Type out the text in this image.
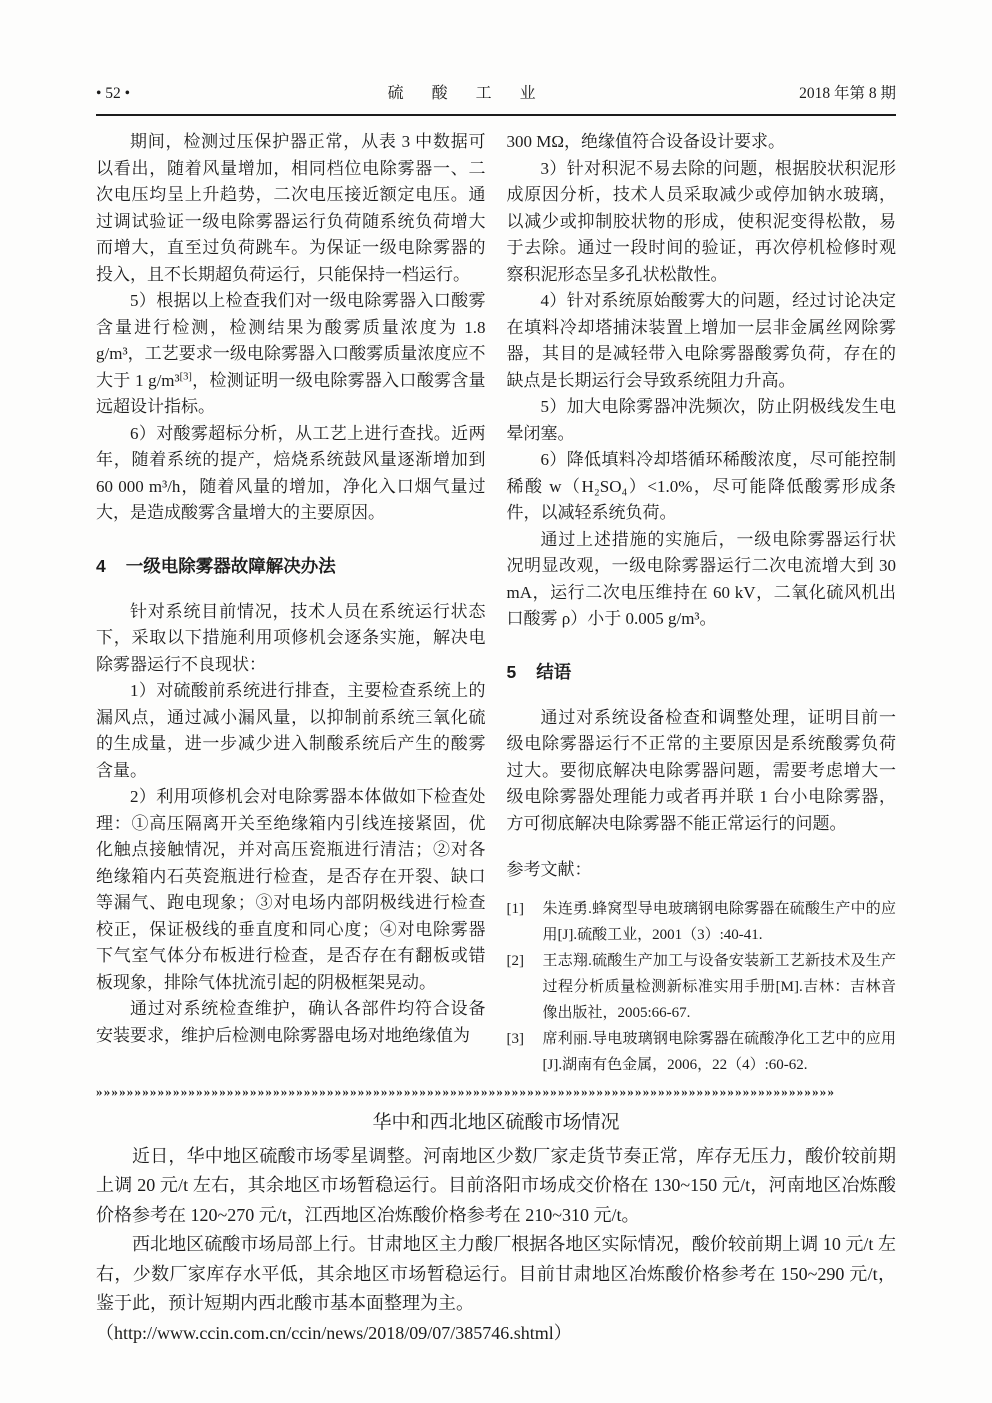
• 52 •	硫　酸　工　业	2018 年第 8 期

期间，检测过压保护器正常，从表 3 中数据可以看出，随着风量增加，相同档位电除雾器一、二次电压均呈上升趋势，二次电压接近额定电压。通过调试验证一级电除雾器运行负荷随系统负荷增大而增大，直至过负荷跳车。为保证一级电除雾器的投入，且不长期超负荷运行，只能保持一档运行。

5）根据以上检查我们对一级电除雾器入口酸雾含量进行检测，检测结果为酸雾质量浓度为 1.8 g/m³，工艺要求一级电除雾器入口酸雾质量浓度应不大于 1 g/m³[3]，检测证明一级电除雾器入口酸雾含量远超设计指标。

6）对酸雾超标分析，从工艺上进行查找。近两年，随着系统的提产，焙烧系统鼓风量逐渐增加到 60 000 m³/h，随着风量的增加，净化入口烟气量过大，是造成酸雾含量增大的主要原因。

4 一级电除雾器故障解决办法

针对系统目前情况，技术人员在系统运行状态下，采取以下措施利用项修机会逐条实施，解决电除雾器运行不良现状：

1）对硫酸前系统进行排查，主要检查系统上的漏风点，通过减小漏风量，以抑制前系统三氧化硫的生成量，进一步减少进入制酸系统后产生的酸雾含量。

2）利用项修机会对电除雾器本体做如下检查处理：①高压隔离开关至绝缘箱内引线连接紧固，优化触点接触情况，并对高压瓷瓶进行清洁；②对各绝缘箱内石英瓷瓶进行检查，是否存在开裂、缺口等漏气、跑电现象；③对电场内部阴极线进行检查校正，保证极线的垂直度和同心度；④对电除雾器下气室气体分布板进行检查，是否存在有翻板或错板现象，排除气体扰流引起的阴极框架晃动。

通过对系统检查维护，确认各部件均符合设备安装要求，维护后检测电除雾器电场对地绝缘值为

300 MΩ，绝缘值符合设备设计要求。

3）针对积泥不易去除的问题，根据胶状积泥形成原因分析，技术人员采取减少或停加钠水玻璃，以减少或抑制胶状物的形成，使积泥变得松散，易于去除。通过一段时间的验证，再次停机检修时观察积泥形态呈多孔状松散性。

4）针对系统原始酸雾大的问题，经过讨论决定在填料冷却塔捕沫装置上增加一层非金属丝网除雾器，其目的是减轻带入电除雾器酸雾负荷，存在的缺点是长期运行会导致系统阻力升高。

5）加大电除雾器冲洗频次，防止阴极线发生电晕闭塞。

6）降低填料冷却塔循环稀酸浓度，尽可能控制稀酸 w（H₂SO₄）<1.0%，尽可能降低酸雾形成条件，以减轻系统负荷。

通过上述措施的实施后，一级电除雾器运行状况明显改观，一级电除雾器运行二次电流增大到 30 mA，运行二次电压维持在 60 kV，二氧化硫风机出口酸雾 ρ）小于 0.005 g/m³。

5 结语

通过对系统设备检查和调整处理，证明目前一级电除雾器运行不正常的主要原因是系统酸雾负荷过大。要彻底解决电除雾器问题，需要考虑增大一级电除雾器处理能力或者再并联 1 台小电除雾器，方可彻底解决电除雾器不能正常运行的问题。

参考文献：

[1]	朱连勇.蜂窝型导电玻璃钢电除雾器在硫酸生产中的应用[J].硫酸工业，2001（3）:40-41.
[2]	王志翔.硫酸生产加工与设备安装新工艺新技术及生产过程分析质量检测新标准实用手册[M].吉林：吉林音像出版社，2005:66-67.
[3]	席利丽.导电玻璃钢电除雾器在硫酸净化工艺中的应用[J].湖南有色金属，2006，22（4）:60-62.
»»»»»»»»»»»»»»»»»»»»»»»»»»»»»»»»»»»»»»»»»»»»»»»»»»»»»»»»»»»»»»»»»»»»»»»»»»»»»»»»»»»»»»»»»»»»»»»»
华中和西北地区硫酸市场情况

近日，华中地区硫酸市场零星调整。河南地区少数厂家走货节奏正常，库存无压力，酸价较前期上调 20 元/t 左右，其余地区市场暂稳运行。目前洛阳市场成交价格在 130~150 元/t，河南地区冶炼酸价格参考在 120~270 元/t，江西地区冶炼酸价格参考在 210~310 元/t。

西北地区硫酸市场局部上行。甘肃地区主力酸厂根据各地区实际情况，酸价较前期上调 10 元/t 左右，少数厂家库存水平低，其余地区市场暂稳运行。目前甘肃地区冶炼酸价格参考在 150~290 元/t，鉴于此，预计短期内西北酸市基本面整理为主。

（http://www.ccin.com.cn/ccin/news/2018/09/07/385746.shtml）
